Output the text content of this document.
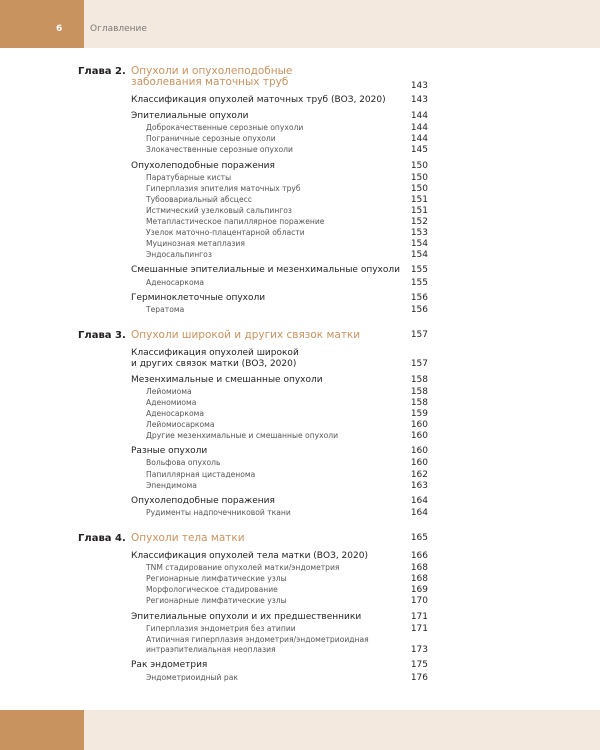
6	Оглавление
Глава 2. Опухоли и опухолеподобные
заболевания маточных труб	143
Классификация опухолей маточных труб (ВОЗ, 2020)	143
Эпителиальные опухоли	144
Доброкачественные серозные опухоли	144
Пограничные серозные опухоли	144
Злокачественные серозные опухоли	145
Опухолеподобные поражения	150
Паратубарные кисты	150
Гиперплазия эпителия маточных труб	150
Тубоовариальный абсцесс	151
Истмический узелковый сальпингоз	151
Метапластическое папиллярное поражение	152
Узелок маточно-плацентарной области	153
Муцинозная метаплазия	154
Эндосальпингоз	154
Смешанные эпителиальные и мезенхимальные опухоли	155
Аденосаркома	155
Герминоклеточные опухоли	156
Тератома	156
Глава 3. Опухоли широкой и других связок матки	157
Классификация опухолей широкой
и других связок матки (ВОЗ, 2020)	157
Мезенхимальные и смешанные опухоли	158
Лейомиома	158
Аденомиома	158
Аденосаркома	159
Лейомиосаркома	160
Другие мезенхимальные и смешанные опухоли	160
Разные опухоли	160
Вольфова опухоль	160
Папиллярная цистаденома	162
Эпендимома	163
Опухолеподобные поражения	164
Рудименты надпочечниковой ткани	164
Глава 4. Опухоли тела матки	165
Классификация опухолей тела матки (ВОЗ, 2020)	166
TNM стадирование опухолей матки/эндометрия	168
Регионарные лимфатические узлы	168
Морфологическое стадирование	169
Регионарные лимфатические узлы	170
Эпителиальные опухоли и их предшественники	171
Гиперплазия эндометрия без атипии	171
Атипичная гиперплазия эндометрия/эндометриоидная
интраэпителиальная неоплазия	173
Рак эндометрия	175
Эндометриоидный рак	176
